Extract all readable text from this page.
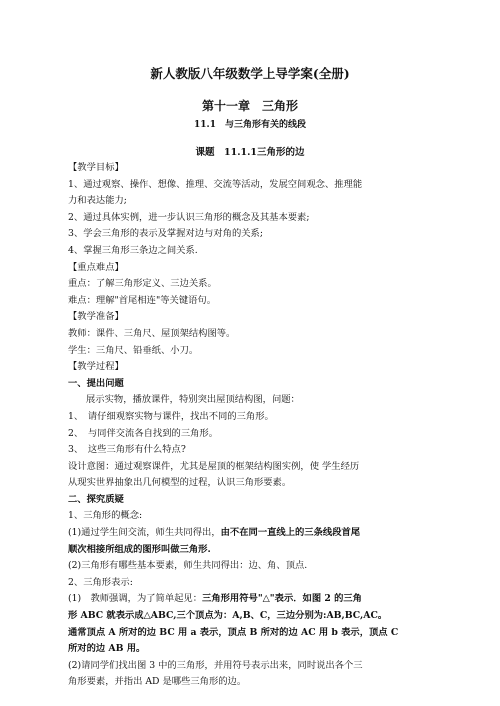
新人教版八年级数学上导学案(全册)
第十一章　三角形
11.1　与三角形有关的线段
课题　11.1.1三角形的边

【教学目标】

1、通过观察、操作、想像、推理、交流等活动，发展空间观念、推理能

力和表达能力;

2、通过具体实例，进一步认识三角形的概念及其基本要素;

3、学会三角形的表示及掌握对边与对角的关系;

4、掌握三角形三条边之间关系.

【重点难点】

重点：了解三角形定义、三边关系。

难点：理解"首尾相连"等关键语句。

【教学准备】

教师：课件、三角尺、屋顶架结构图等。

学生：三角尺、铅垂纸、小刀。

【教学过程】

一、提出问题

展示实物，播放课件，特别突出屋顶结构图，问题：

1、　请仔细观察实物与课件，找出不同的三角形。

2、　与同伴交流各自找到的三角形。

3、　这些三角形有什么特点?

设计意图：通过观察课件，尤其是屋顶的框架结构图实例，使 学生经历

从现实世界抽象出几何模型的过程，认识三角形要素。

二、探究质疑

1、三角形的概念:

(1)通过学生间交流，师生共同得出，由不在同一直线上的三条线段首尾

顺次相接所组成的图形叫做三角形.

(2)三角形有哪些基本要素，师生共同得出：边、角、顶点.

2、三角形表示:

(1)　教师强调，为了简单起见：三角形用符号"△"表示．如图 2 的三角

形 ABC 就表示成△ABC,三个顶点为：A,B、C，三边分别为:AB,BC,AC。

通常顶点 A 所对的边 BC 用 a 表示，顶点 B 所对的边 AC 用 b 表示，顶点 C

所对的边 AB 用。

(2)请同学们找出图 3 中的三角形，并用符号表示出来，同时说出各个三

角形要素，并指出 AD 是哪些三角形的边。
